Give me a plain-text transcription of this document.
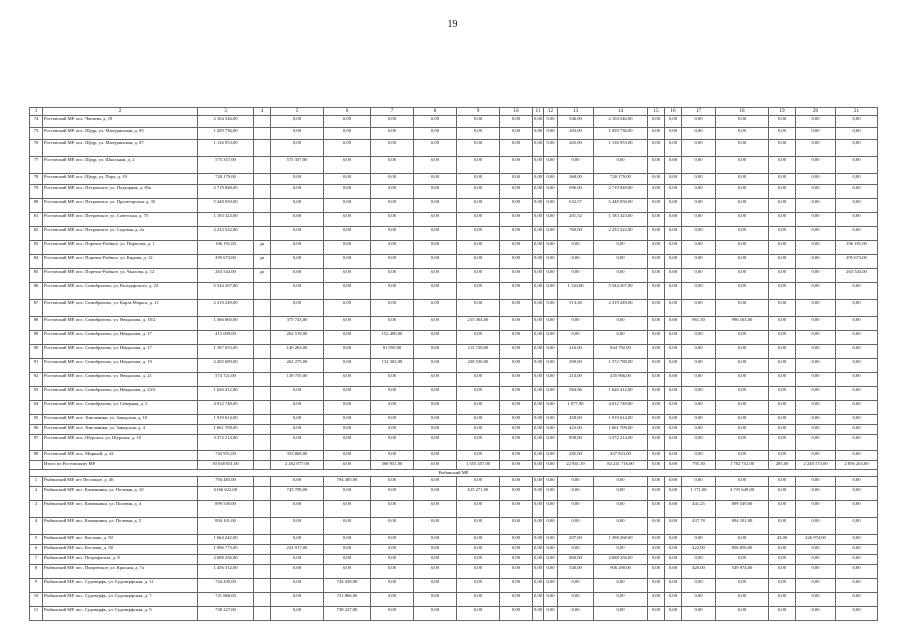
19
1	2	3	4	5	6	7	8	9	10	11	12	13	14	15	16	17	18	19	20	21
74	Ростовский МР, пос. Чапаева, д. 19	2 104 546,00		0,00	0,00	0,00	0,00	0,00	0,00	0,00	0,00	546,00	2 104 546,00	0,00	0,00	0,00	0,00	0,00	0,00	0,00
75	Ростовский МР, пос. Щедр, ул. Мичуринская, д. 85	1 459 736,00		0,00	0,00	0,00	0,00	0,00	0,00	0,00	0,00	263,00	1 459 736,00	0,00	0,00	0,00	0,00	0,00	0,00	0,00
76	Ростовский МР, пос. Щедр, ул. Мичуринская, д. 87	1 136 953,00		0,00	0,00	0,00	0,00	0,00	0,00	0,00	0,00	265,00	1 136 953,00	0,00	0,00	0,00	0,00	0,00	0,00	0,00
77	Ростовский МР, пос. Щедр, ул. Школьная, д. 2	575 357,00		575 357,00	0,00	0,00	0,00	0,00	0,00	0,00	0,00	0,00	0,00	0,00	0,00	0,00	0,00	0,00	0,00	0,00
78	Ростовский МР, пос. Щедр, ул. Пора, д. 19	720 179,00		0,00	0,00	0,00	0,00	0,00	0,00	0,00	0,00	368,00	720 179,00	0,00	0,00	0,00	0,00	0,00	0,00	0,00
79	Ростовский МР, пос. Петровское, ул. Подгорная, д. 83а	2 719 848,00		0,00	0,00	0,00	0,00	0,00	0,00	0,00	0,00	696,00	2 719 848,00	0,00	0,00	0,00	0,00	0,00	0,00	0,00
80	Ростовский МР, пос. Петровское, ул. Пролетарская, д. 35	5 448 050,00		0,00	0,00	0,00	0,00	0,00	0,00	0,00	0,00	632,57	5 448 050,00	0,00	0,00	0,00	0,00	0,00	0,00	0,00
81	Ростовский МР, пос. Петровское, ул. Советская, д. 75	1 183 323,00		0,00	0,00	0,00	0,00	0,00	0,00	0,00	0,00	201,52	1 183 323,00	0,00	0,00	0,00	0,00	0,00	0,00	0,00
82	Ростовский МР, пос. Петровское, ул. Садовая, д. 2а	2 233 522,00		0,00	0,00	0,00	0,00	0,00	0,00	0,00	0,00	760,00	2 233 522,00	0,00	0,00	0,00	0,00	0,00	0,00	0,00
83	Ростовский МР, пос. Поречье-Рыбное, ул. Пирогова, д. 1	196 191,00	да	0,00	0,00	0,00	0,00	0,00	0,00	0,00	0,00	0,00	0,00	0,00	0,00	0,00	0,00	0,00	0,00	196 191,00
84	Ростовский МР, пос. Поречье-Рыбное, ул. Кирова, д. 12	295 673,00	да	0,00	0,00	0,00	0,00	0,00	0,00	0,00	0,00	0,00	0,00	0,00	0,00	0,00	0,00	0,00	0,00	295 673,00
85	Ростовский МР, пос. Поречье-Рыбное, ул. Чкалова, д. 12	263 543,00	да	0,00	0,00	0,00	0,00	0,00	0,00	0,00	0,00	0,00	0,00	0,00	0,00	0,00	0,00	0,00	0,00	263 543,00
86	Ростовский МР, пос. Семибратово, ул. Володарского, д. 22	5 544 267,00		0,00	0,00	0,00	0,00	0,00	0,00	0,00	0,00	1 120,00	5 544 267,00	0,00	0,00	0,00	0,00	0,00	0,00	0,00
87	Ростовский МР, пос. Семибратово, ул. Карла Маркса, д. 11	2 319 249,00		0,00	0,00	0,00	0,00	0,00	0,00	0,00	0,00	513,30	2 319 249,00	0,00	0,00	0,00	0,00	0,00	0,00	0,00
88	Ростовский МР, пос. Семибратово, ул. Некрасова, д. 18/2	1 366 860,00		375 743,00	0,00	0,00	0,00	215 364,00	0,00	0,00	0,00	0,00	0,00	0,00	0,00	961,50	996 163,00	0,00	0,00	0,00
89	Ростовский МР, пос. Семибратово, ул. Некрасова, д. 17	415 009,00		262 519,00	0,00	152 490,00	0,00	0,00	0,00	0,00	0,00	0,00	0,00	0,00	0,00	0,00	0,00	0,00	0,00	0,00
90	Ростовский МР, пос. Семибратово, ул. Некрасова, д. 17	1 187 053,00		140 263,00	0,00	81 959,00	0,00	115 720,00	0,00	0,00	0,00	216,00	844 792,00	0,00	0,00	0,00	0,00	0,00	0,00	0,00
91	Ростовский МР, пос. Семибратово, ул. Некрасова, д. 19	2 205 689,00		262 275,00	0,00	132 302,00	0,00	238 536,00	0,00	0,00	0,00	390,00	1 572 788,00	0,00	0,00	0,00	0,00	0,00	0,00	0,00
92	Ростовский МР, пос. Семибратово, ул. Некрасова, д. 21	574 721,00		138 755,00	0,00	0,00	0,00	0,00	0,00	0,00	0,00	213,00	435 966,00	0,00	0,00	0,00	0,00	0,00	0,00	0,00
93	Ростовский МР, пос. Семибратово, ул. Некрасова, д. 23/3	1 626 412,00		0,00	0,00	0,00	0,00	0,00	0,00	0,00	0,00	584,96	1 626 412,00	0,00	0,00	0,00	0,00	0,00	0,00	0,00
94	Ростовский МР, пос. Семибратово, ул. Северная, д. 5	4 012 748,00		0,00	0,00	0,00	0,00	0,00	0,00	0,00	0,00	1 077,90	4 012 748,00	0,00	0,00	0,00	0,00	0,00	0,00	0,00
95	Ростовский МР, пос. Хмельники, ул. Заводская, д. 10	1 919 614,00		0,00	0,00	0,00	0,00	0,00	0,00	0,00	0,00	458,00	1 919 614,00	0,00	0,00	0,00	0,00	0,00	0,00	0,00
96	Ростовский МР, пос. Хмельники, ул. Заводская, д. 4	1 661 709,00		0,00	0,00	0,00	0,00	0,00	0,00	0,00	0,00	423,00	1 661 709,00	0,00	0,00	0,00	0,00	0,00	0,00	0,00
97	Ростовский МР, пос. Шурскол, ул. Шурская, д. 10	3 372 214,00		0,00	0,00	0,00	0,00	0,00	0,00	0,00	0,00	858,90	3 372 214,00	0,00	0,00	0,00	0,00	0,00	0,00	0,00
98	Ростовский МР, пос. Мирный, д. 42	743 951,00		353 868,00	0,00	0,00	0,00	0,00	0,00	0,00	0,00	285,00	437 823,00	0,00	0,00	0,00	0,00	0,00	0,00	0,00
	Итого по Ростовскому МР	30 048 851,00		2 262 877,00	0,00	368 951,00	0,00	1 555 457,00	0,00	0,00	0,00	22 941,19	82 241 716,00	0,00	0,00	795,30	1 782 752,00	285,00	2 248 173,00	2 856 263,00
Рыбинский МР																				
1	Рыбинский МР, пгт Песочное, д. 46	794 485,00		0,00	794 485,00	0,00	0,00	0,00	0,00	0,00	0,00	0,00	0,00	0,00	0,00	0,00	0,00	0,00	0,00	0,00
2	Рыбинский МР, пос. Каменники, ул. Полевая, д. 10	6166 622,00		745 708,00	0,00	0,00	0,00	615 271,00	0,00	0,00	0,00	0,00	0,00	0,00	0,00	1 171,00	4 735 649,00	0,00	0,00	0,00
3	Рыбинский МР, пос. Каменники, ул. Полевая, д. 4	899 549,00		0,00	0,00	0,00	0,00	0,00	0,00	0,00	0,00	0,00	0,00	0,00	0,00	441,25	899 549,00	0,00	0,00	0,00
4	Рыбинский МР, пос. Каменники, ул. Полевая, д. 5	894 101,00		0,00	0,00	0,00	0,00	0,00	0,00	0,00	0,00	0,00	0,00	0,00	0,00	437,78	894 101,00	0,00	0,00	0,00
5	Рыбинский МР, пос. Костино, д. 50	1 664 242,00		0,00	0,00	0,00	0,00	0,00	0,00	0,00	0,00	297,00	1 398 268,00	0,00	0,00	0,00	0,00	43,00	226 974,00	0,00
6	Рыбинский МР, пос. Костино, д. 58	1 096 773,00		234 917,00	0,00	0,00	0,00	0,00	0,00	0,00	0,00	0,00	0,00	0,00	0,00	422,00	856 856,00	0,00	0,00	0,00
7	Рыбинский МР, пос. Петрофасола, д. 8	2 688 256,00		0,00	0,00	0,00	0,00	0,00	0,00	0,00	0,00	860,00	2 688 256,00	0,00	0,00	0,00	0,00	0,00	0,00	0,00
8	Рыбинский МР, пос. Покровское, ул. Красная, д. 7а	1 456 312,00		0,00	0,00	0,00	0,00	0,00	0,00	0,00	0,00	540,00	906 290,00	0,00	0,00	420,00	549 974,00	0,00	0,00	0,00
9	Рыбинский МР, пос. Судоверфь, ул. Судоверфская, д. 11	744 439,00		0,00	744 439,00	0,00	0,00	0,00	0,00	0,00	0,00	0,00	0,00	0,00	0,00	0,00	0,00	0,00	0,00	0,00
10	Рыбинский МР, пос. Судоверфь, ул. Судоверфская, д. 7	721 866,00		0,00	721 866,00	0,00	0,00	0,00	0,00	0,00	0,00	0,00	0,00	0,00	0,00	0,00	0,00	0,00	0,00	0,00
11	Рыбинский МР, пос. Судоверфь, ул. Судоверфская, д. 9	738 227,00		0,00	738 227,00	0,00	0,00	0,00	0,00	0,00	0,00	0,00	0,00	0,00	0,00	0,00	0,00	0,00	0,00	0,00
